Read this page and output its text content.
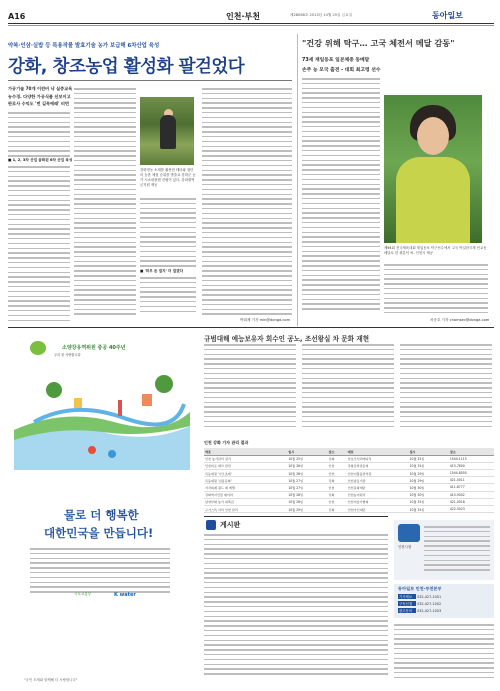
A16	인천·부천	제28088호 2013년 10월 25일 금요일	동아일보
약복·인삼·실밥 등 특용작물 발효기술 농가 보급해 6차산업 육성
강화, 창조농업 활성화 팔걷었다
가공기술 70개 이전비 낙 실증교육
농수경. 다양한 가공식품 선보이고
판로사 수익도 '번 길목에래' 터번
■ 1, 2, 3차 산업 융화된 6차 산업 육성
강화영농 소재를 활용한 테마와 첨단의 농촌 체험 순위를 받출교 강화군 농가 시소내플랜 건립이 있다. 강화원역 군지원 제공
■ '머무 돈 걸지' 더 걸겠다
박희제 기자 min@donga.com
"건강 위해 탁구… 고국 체전서 메달 감동"
73세 재일동포 일본체중 동메달
손주 농 모국 출전 - 대회 최고령 선수
제94회 전국체육대회 재일동포 탁구선수에서 고국 탁일한국계 선교동메달로 한 최분덕 씨. 인천시 제공
차준호 기자 chamsec@donga.com
소양강유역위원 중공 40주년
우리 물 사랑합니다
물로 더 행복한
대한민국을 만듭니다!
국토교통부	K water
"국민 모세와 함께해 더 사랑합니다"
규범대해 예능보유자 회수인 공노, 조선왕실 차 문화 재현
인천 강화 기자 관리 결과
에호	일시	장소	예호	일시	장소
인천 농가관리 결가	10월 25일	강화	일보모서리에다식	10월 31일	1544-1115
인천비포 테크 관련	10월 26일	인천	강화문학관운영	10월 31일	415-7600
목동대원 '사모초래'	10월 26일	인천	인천이황용관식담	10월 29일	1544-8550
목동대원 '실용문화'	10월 27일	강화	인천남동기관	10월 29일	421-0011
서국의제 필드 제 계열	10월 27일	인천	인천문화재단	10월 30일	411-8777
강화역시인물 제어라	10월 28일	강화	인천농어원식	10월 30일	415-9002
남양부화 농가 대축감	10월 28일	인천	인천미술가협회	10월 31일	421-0018
구가스특 이리 인천 달리	10월 29일	강화	인천아신재단	10월 31일	422-5023
게시판
인천시청
동아일보 인천·부천본부
기사제보 032-427-1001
구독신청 032-427-1002
광고문의 032-427-1003
